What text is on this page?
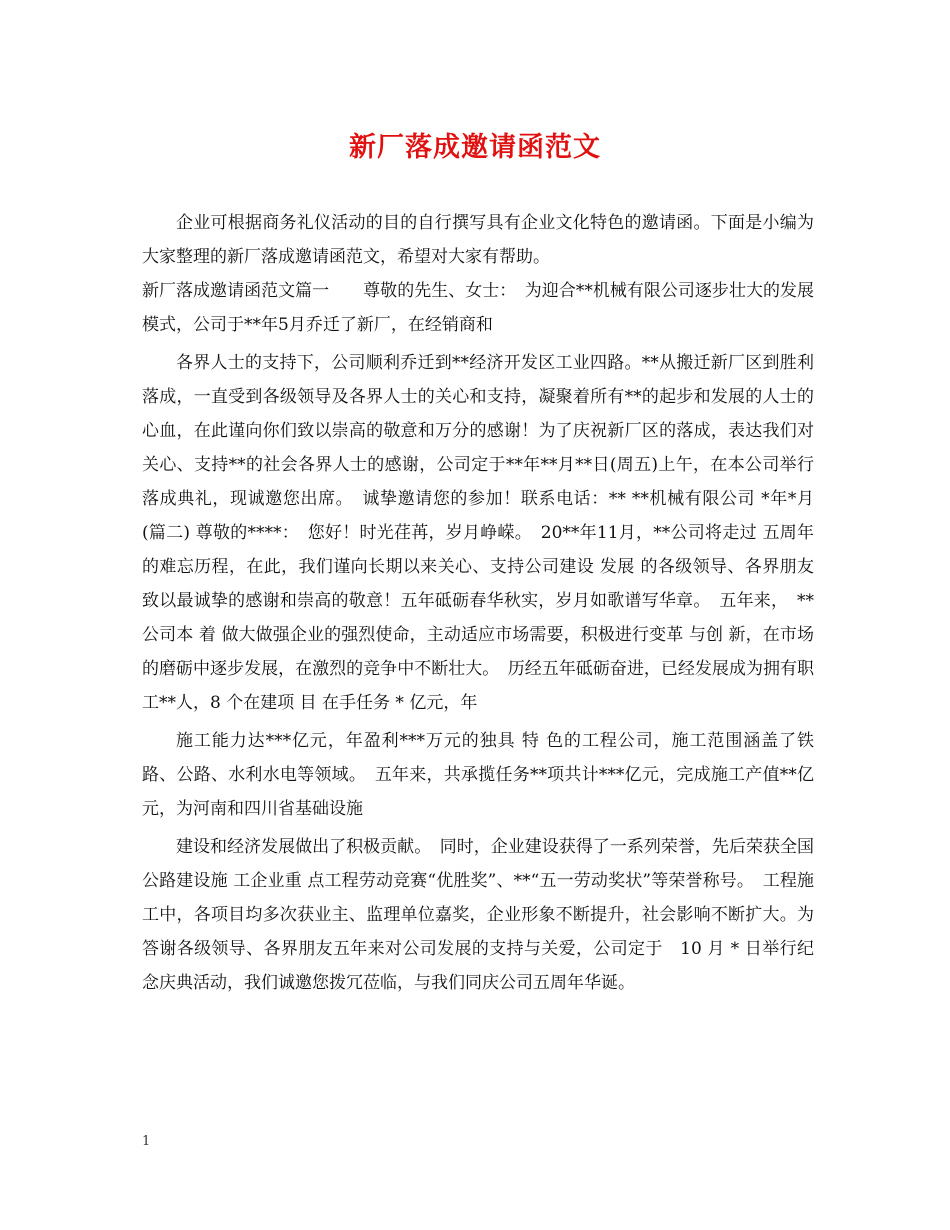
新厂落成邀请函范文

企业可根据商务礼仪活动的目的自行撰写具有企业文化特色的邀请函。下面是小编为大家整理的新厂落成邀请函范文，希望对大家有帮助。

新厂落成邀请函范文篇一　　尊敬的先生、女士：　为迎合**机械有限公司逐步壮大的发展模式，公司于**年5月乔迁了新厂，在经销商和

各界人士的支持下，公司顺利乔迁到**经济开发区工业四路。**从搬迁新厂区到胜利落成，一直受到各级领导及各界人士的关心和支持，凝聚着所有**的起步和发展的人士的心血，在此谨向你们致以崇高的敬意和万分的感谢！为了庆祝新厂区的落成，表达我们对关心、支持**的社会各界人士的感谢，公司定于**年**月**日(周五)上午，在本公司举行落成典礼，现诚邀您出席。　诚挚邀请您的参加！联系电话：** **机械有限公司 *年*月 (篇二) 尊敬的****：　您好！时光荏苒，岁月峥嵘。　20**年11月，**公司将走过 五周年 的难忘历程，在此，我们谨向长期以来关心、支持公司建设 发展 的各级领导、各界朋友致以最诚挚的感谢和崇高的敬意！五年砥砺春华秋实，岁月如歌谱写华章。　五年来，　**公司本 着 做大做强企业的强烈使命，主动适应市场需要，积极进行变革 与创 新，在市场的磨砺中逐步发展，在激烈的竞争中不断壮大。　历经五年砥砺奋进，已经发展成为拥有职工**人，8 个在建项 目 在手任务 * 亿元，年

施工能力达***亿元，年盈利***万元的独具 特 色的工程公司，施工范围涵盖了铁路、公路、水利水电等领域。　五年来，共承揽任务**项共计***亿元，完成施工产值**亿元，为河南和四川省基础设施

建设和经济发展做出了积极贡献。　同时，企业建设获得了一系列荣誉，先后荣获全国公路建设施 工企业重 点工程劳动竞赛“优胜奖”、**“五一劳动奖状”等荣誉称号。　工程施工中，各项目均多次获业主、监理单位嘉奖，企业形象不断提升，社会影响不断扩大。为答谢各级领导、各界朋友五年来对公司发展的支持与关爱，公司定于　10 月 * 日举行纪念庆典活动，我们诚邀您拨冗莅临，与我们同庆公司五周年华诞。

1
